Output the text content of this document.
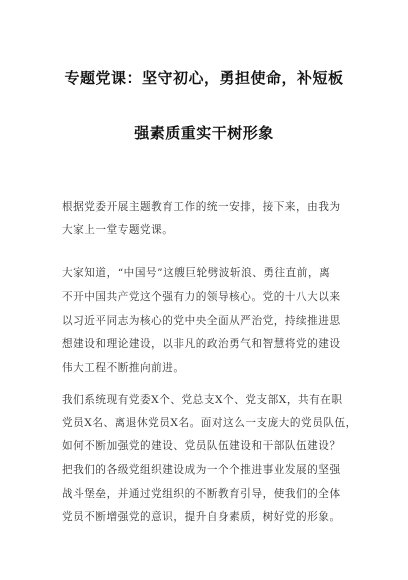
专题党课：坚守初心，勇担使命，补短板
强素质重实干树形象
根据党委开展主题教育工作的统一安排，接下来，由我为
大家上一堂专题党课。
大家知道，“中国号”这艘巨轮劈波斩浪、勇往直前，离
不开中国共产党这个强有力的领导核心。党的十八大以来
以习近平同志为核心的党中央全面从严治党，持续推进思
想建设和理论建设，以非凡的政治勇气和智慧将党的建设
伟大工程不断推向前进。
我们系统现有党委X个、党总支X个、党支部X，共有在职
党员X名、离退休党员X名。面对这么一支庞大的党员队伍，
如何不断加强党的建设、党员队伍建设和干部队伍建设？
把我们的各级党组织建设成为一个个推进事业发展的坚强
战斗堡垒，并通过党组织的不断教育引导，使我们的全体
党员不断增强党的意识，提升自身素质，树好党的形象。
